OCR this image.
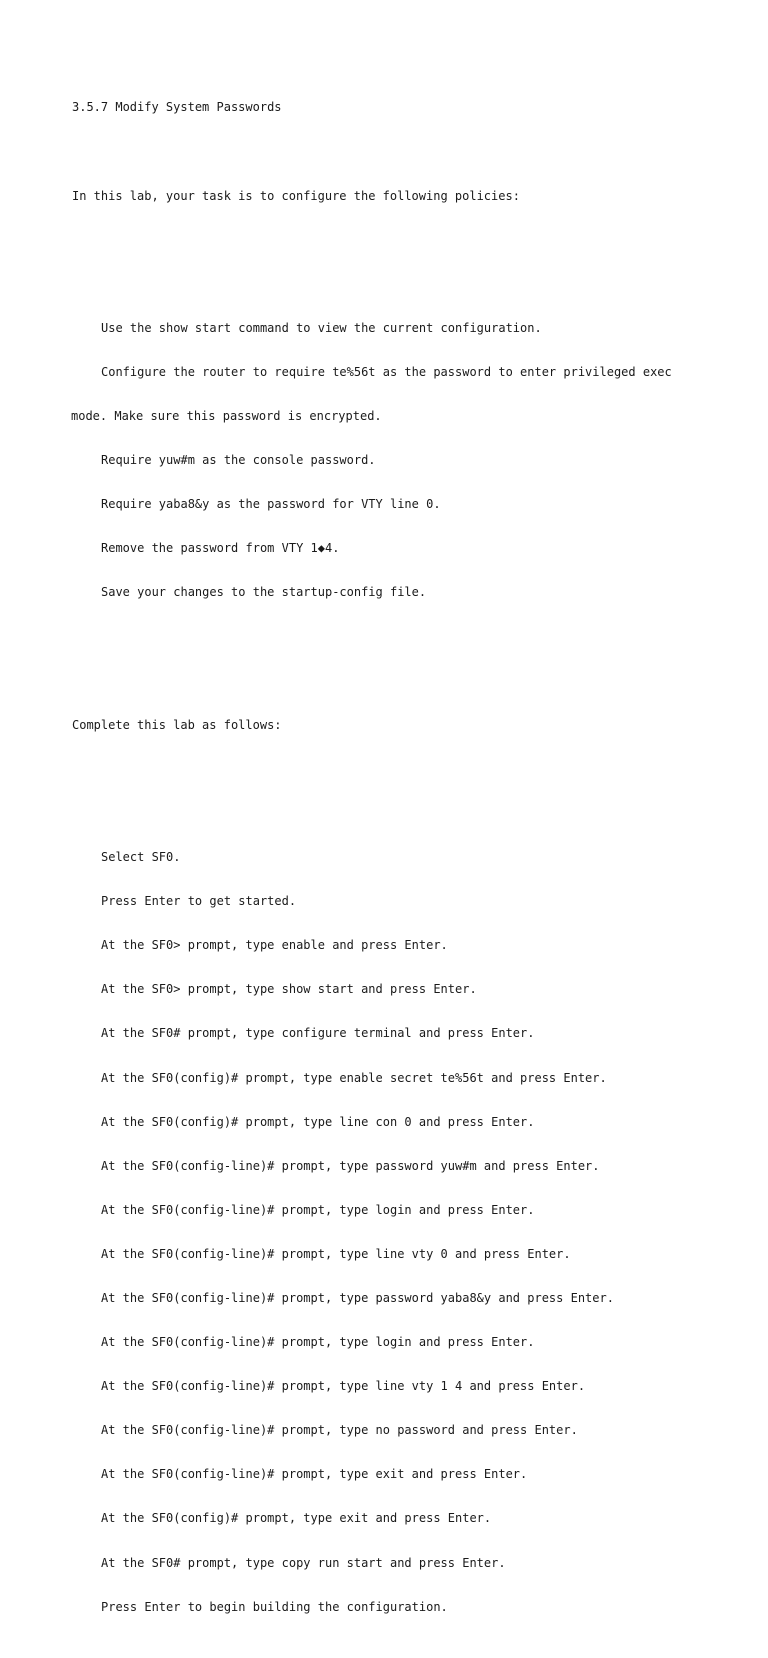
3.5.7 Modify System Passwords

In this lab, your task is to configure the following policies:

Use the show start command to view the current configuration.

Configure the router to require te%56t as the password to enter privileged exec

mode. Make sure this password is encrypted.

Require yuw#m as the console password.

Require yaba8&y as the password for VTY line 0.

Remove the password from VTY 1◆4.

Save your changes to the startup-config file.

Complete this lab as follows:

Select SF0.

Press Enter to get started.

At the SF0> prompt, type enable and press Enter.

At the SF0> prompt, type show start and press Enter.

At the SF0# prompt, type configure terminal and press Enter.

At the SF0(config)# prompt, type enable secret te%56t and press Enter.

At the SF0(config)# prompt, type line con 0 and press Enter.

At the SF0(config-line)# prompt, type password yuw#m and press Enter.

At the SF0(config-line)# prompt, type login and press Enter.

At the SF0(config-line)# prompt, type line vty 0 and press Enter.

At the SF0(config-line)# prompt, type password yaba8&y and press Enter.

At the SF0(config-line)# prompt, type login and press Enter.

At the SF0(config-line)# prompt, type line vty 1 4 and press Enter.

At the SF0(config-line)# prompt, type no password and press Enter.

At the SF0(config-line)# prompt, type exit and press Enter.

At the SF0(config)# prompt, type exit and press Enter.

At the SF0# prompt, type copy run start and press Enter.

Press Enter to begin building the configuration.
